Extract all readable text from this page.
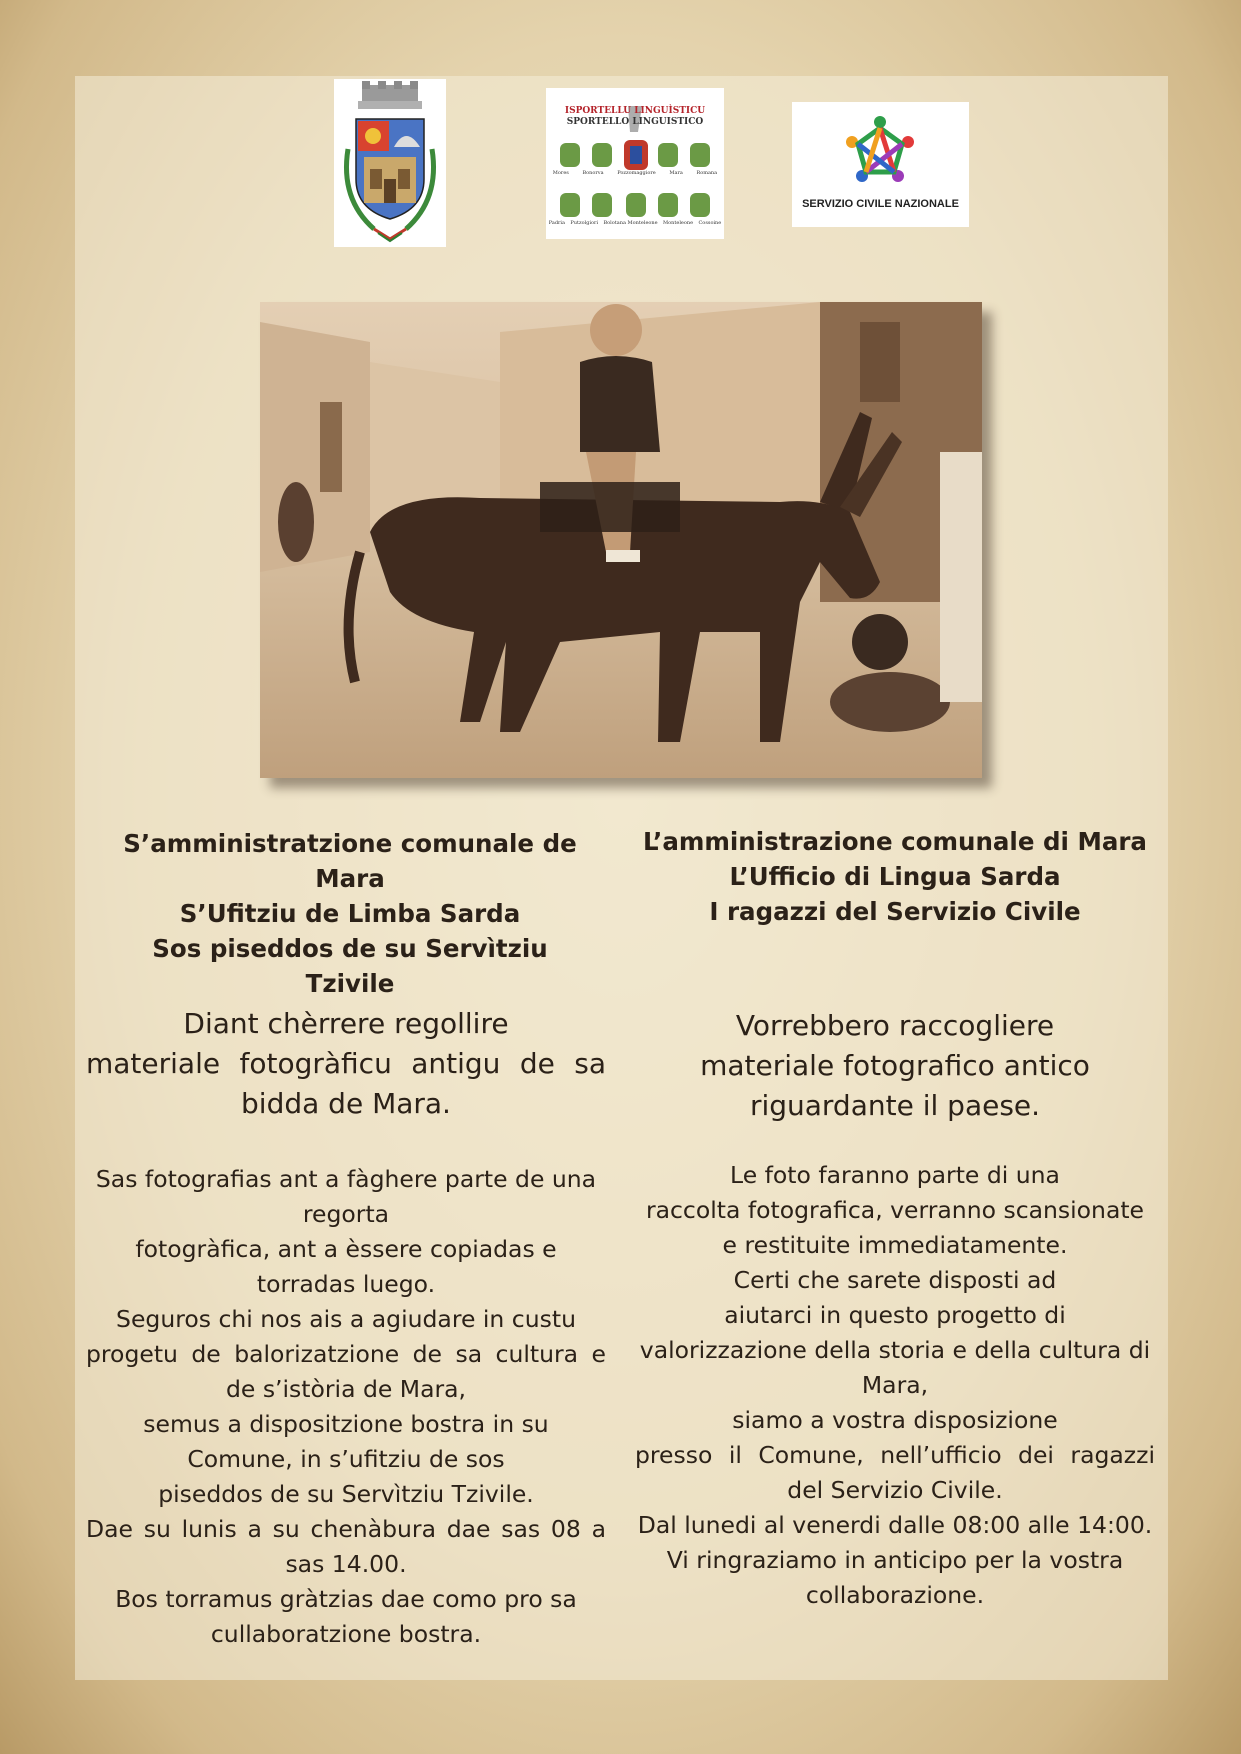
ISPORTELLU LINGUÌSTICU
SPORTELLO LINGUISTICO
Mores	Bonorva	Pozzomaggiore	Mara	Romana
Padria Putzolgiori Bolotana Monteleone Monteleone Cossoine
SERVIZIO CIVILE NAZIONALE
S’amministratzione comunale de Mara
S’Ufitziu de Limba Sarda
Sos piseddos de su Servìtziu
Tzivile
Diant chèrrere regollire
materiale fotogràficu antigu de sa
bidda de Mara.
Sas fotografias ant a fàghere parte de una
regorta
fotogràfica, ant a èssere copiadas e
torradas luego.
Seguros chi nos ais a agiudare in custu
progetu de balorizatzione de sa cultura e
de s’istòria de Mara,
semus a dispositzione bostra in su
Comune, in s’ufitziu de sos
piseddos de su Servìtziu Tzivile.
Dae su lunis a su chenàbura dae sas 08 a
sas 14.00.
Bos torramus gràtzias dae como pro sa
cullaboratzione bostra.
L’amministrazione comunale di Mara
L’Ufficio di Lingua Sarda
I ragazzi del Servizio Civile
Vorrebbero raccogliere
materiale fotografico antico
riguardante il paese.
Le foto faranno parte di una
raccolta fotografica, verranno scansionate
e restituite immediatamente.
Certi che sarete disposti ad
aiutarci in questo progetto di
valorizzazione della storia e della cultura di
Mara,
siamo a vostra disposizione
presso il Comune, nell’ufficio dei ragazzi
del Servizio Civile.
Dal lunedi al venerdi dalle 08:00 alle 14:00.
Vi ringraziamo in anticipo per la vostra
collaborazione.
